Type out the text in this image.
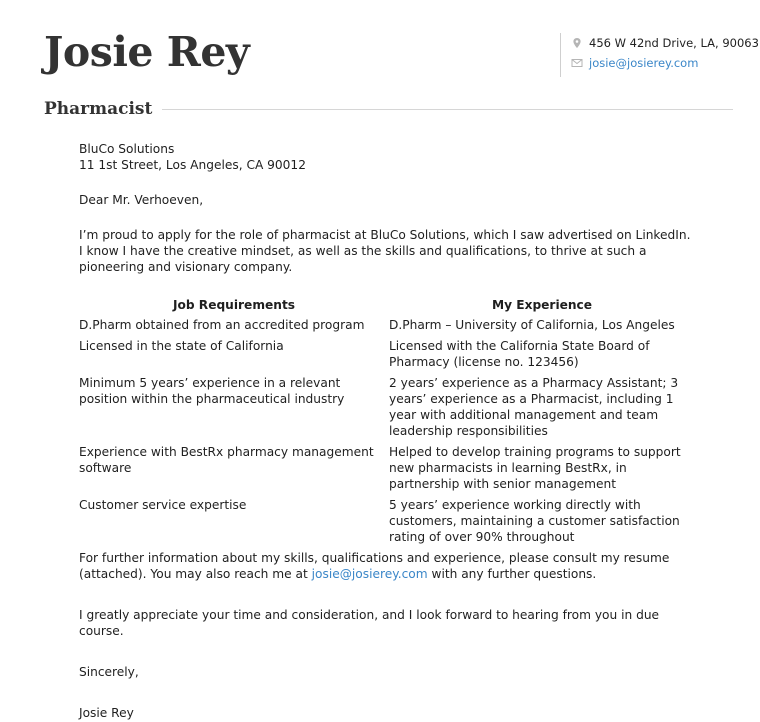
Josie Rey	456 W 42nd Drive, LA, 90063
josie@josierey.com
Pharmacist

BluCo Solutions

11 1st Street, Los Angeles, CA 90012

Dear Mr. Verhoeven,

I’m proud to apply for the role of pharmacist at BluCo Solutions, which I saw advertised on LinkedIn. I know I have the creative mindset, as well as the skills and qualifications, to thrive at such a pioneering and visionary company.

Job Requirements	My Experience
D.Pharm obtained from an accredited program	D.Pharm – University of California, Los Angeles
Licensed in the state of California	Licensed with the California State Board of Pharmacy (license no. 123456)
Minimum 5 years’ experience in a relevant position within the pharmaceutical industry	2 years’ experience as a Pharmacy Assistant; 3 years’ experience as a Pharmacist, including 1 year with additional management and team leadership responsibilities
Experience with BestRx pharmacy management software	Helped to develop training programs to support new pharmacists in learning BestRx, in partnership with senior management
Customer service expertise	5 years’ experience working directly with customers, maintaining a customer satisfaction rating of over 90% throughout

For further information about my skills, qualifications and experience, please consult my resume (attached). You may also reach me at josie@josierey.com with any further questions.

I greatly appreciate your time and consideration, and I look forward to hearing from you in due course.

Sincerely,

Josie Rey
